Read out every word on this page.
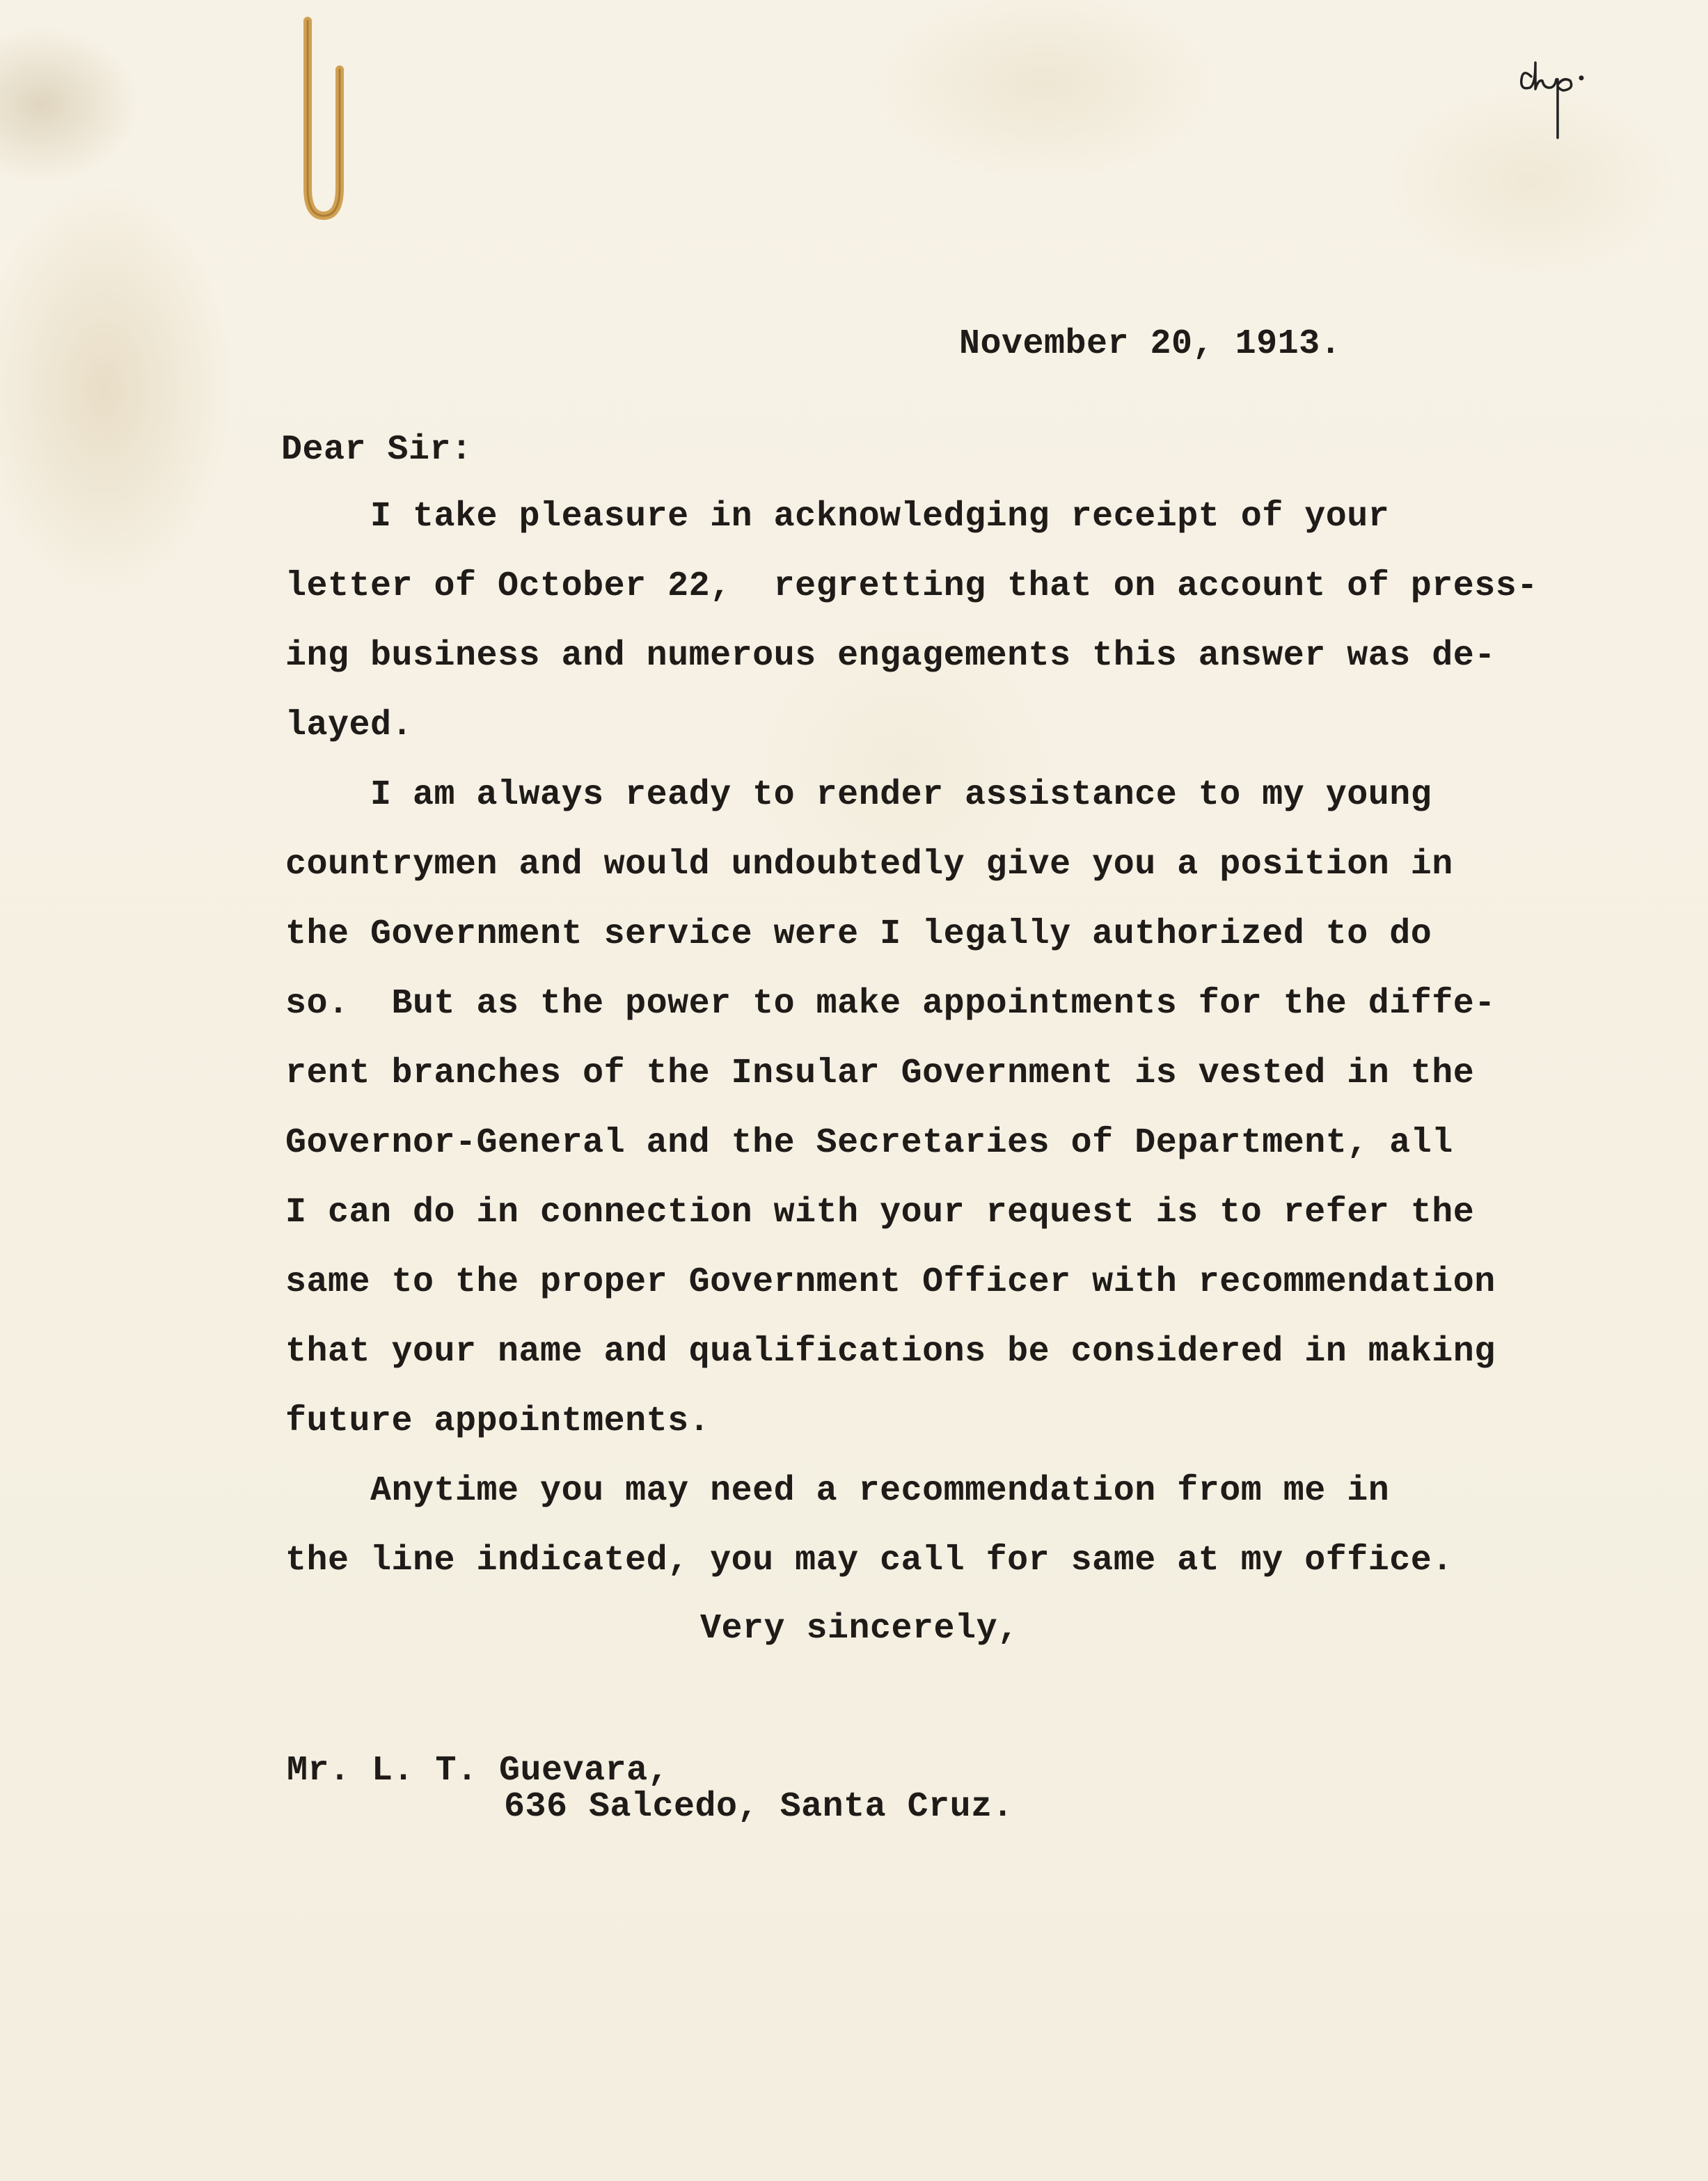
November 20, 1913.
Dear Sir:
I take pleasure in acknowledging receipt of your
letter of October 22,  regretting that on account of press-
ing business and numerous engagements this answer was de-
layed.
I am always ready to render assistance to my young
countrymen and would undoubtedly give you a position in
the Government service were I legally authorized to do
so.  But as the power to make appointments for the diffe-
rent branches of the Insular Government is vested in the
Governor-General and the Secretaries of Department, all
I can do in connection with your request is to refer the
same to the proper Government Officer with recommendation
that your name and qualifications be considered in making
future appointments.
Anytime you may need a recommendation from me in
the line indicated, you may call for same at my office.
Very sincerely,
Mr. L. T. Guevara,
636 Salcedo, Santa Cruz.
